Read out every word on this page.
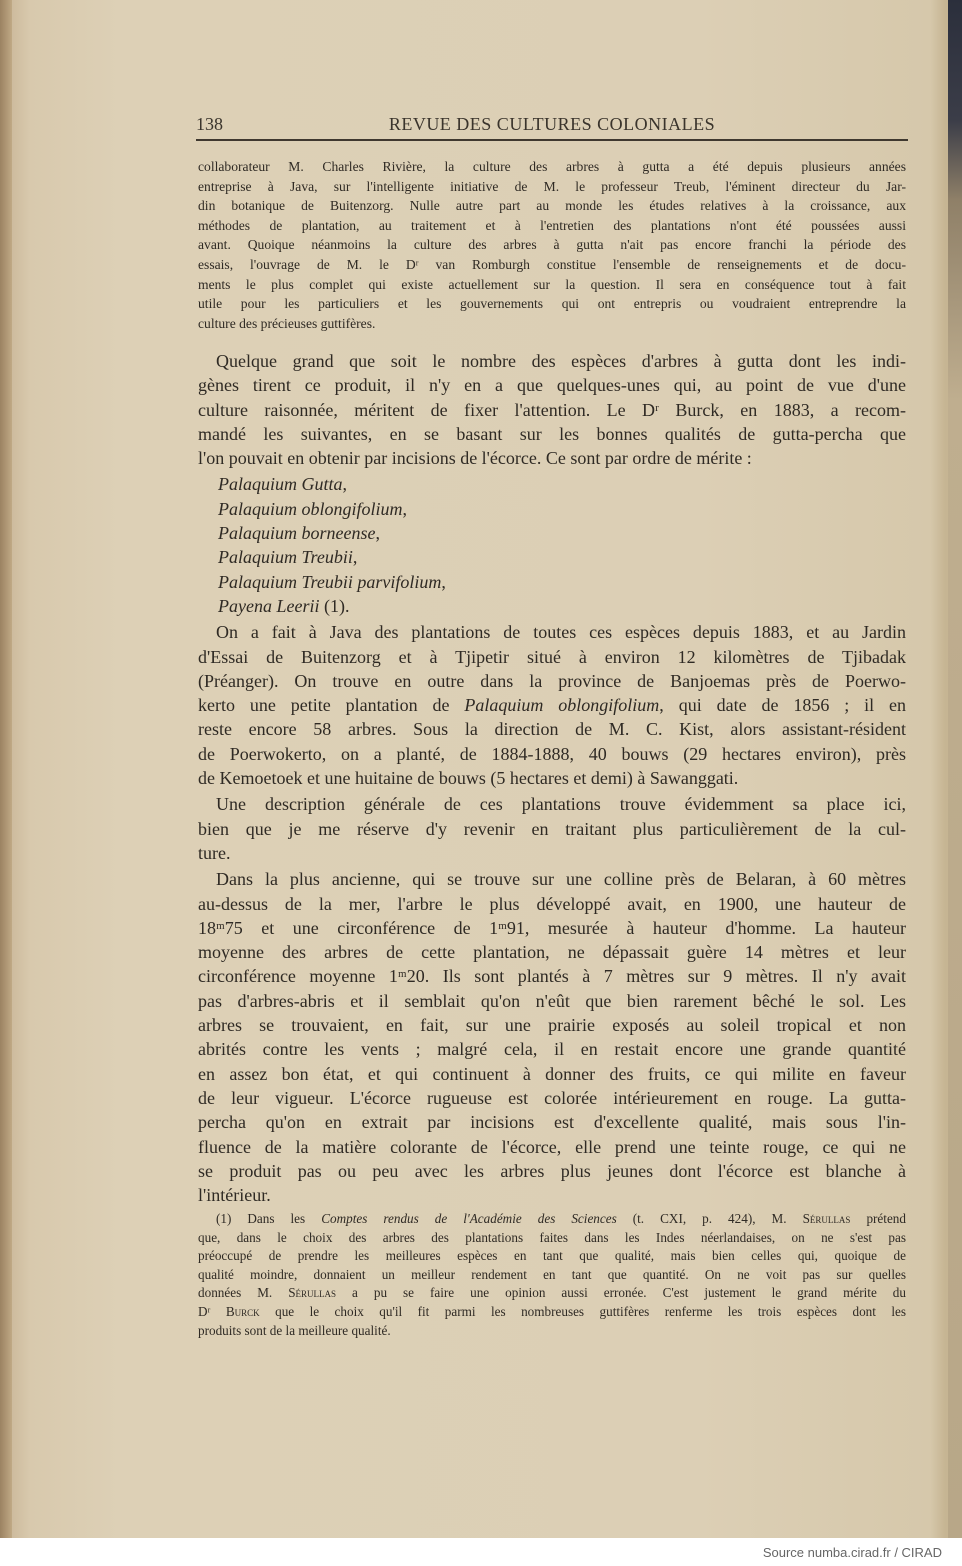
138	REVUE DES CULTURES COLONIALES
collaborateur M. Charles Rivière, la culture des arbres à gutta a été depuis plusieurs années
entreprise à Java, sur l'intelligente initiative de M. le professeur Treub, l'éminent directeur du Jar-
din botanique de Buitenzorg. Nulle autre part au monde les études relatives à la croissance, aux
méthodes de plantation, au traitement et à l'entretien des plantations n'ont été poussées aussi
avant. Quoique néanmoins la culture des arbres à gutta n'ait pas encore franchi la période des
essais, l'ouvrage de M. le Dʳ van Romburgh constitue l'ensemble de renseignements et de docu-
ments le plus complet qui existe actuellement sur la question. Il sera en conséquence tout à fait
utile pour les particuliers et les gouvernements qui ont entrepris ou voudraient entreprendre la
culture des précieuses guttifères.
Quelque grand que soit le nombre des espèces d'arbres à gutta dont les indi-
gènes tirent ce produit, il n'y en a que quelques-unes qui, au point de vue d'une
culture raisonnée, méritent de fixer l'attention. Le Dʳ Burck, en 1883, a recom-
mandé les suivantes, en se basant sur les bonnes qualités de gutta-percha que
l'on pouvait en obtenir par incisions de l'écorce. Ce sont par ordre de mérite :
Palaquium Gutta,
Palaquium oblongifolium,
Palaquium borneense,
Palaquium Treubii,
Palaquium Treubii parvifolium,
Payena Leerii (1).
On a fait à Java des plantations de toutes ces espèces depuis 1883, et au Jardin
d'Essai de Buitenzorg et à Tjipetir situé à environ 12 kilomètres de Tjibadak
(Préanger). On trouve en outre dans la province de Banjoemas près de Poerwo-
kerto une petite plantation de Palaquium oblongifolium, qui date de 1856 ; il en
reste encore 58 arbres. Sous la direction de M. C. Kist, alors assistant-résident
de Poerwokerto, on a planté, de 1884-1888, 40 bouws (29 hectares environ), près
de Kemoetoek et une huitaine de bouws (5 hectares et demi) à Sawanggati.
Une description générale de ces plantations trouve évidemment sa place ici,
bien que je me réserve d'y revenir en traitant plus particulièrement de la cul-
ture.
Dans la plus ancienne, qui se trouve sur une colline près de Belaran, à 60 mètres
au-dessus de la mer, l'arbre le plus développé avait, en 1900, une hauteur de
18ᵐ75 et une circonférence de 1ᵐ91, mesurée à hauteur d'homme. La hauteur
moyenne des arbres de cette plantation, ne dépassait guère 14 mètres et leur
circonférence moyenne 1ᵐ20. Ils sont plantés à 7 mètres sur 9 mètres. Il n'y avait
pas d'arbres-abris et il semblait qu'on n'eût que bien rarement bêché le sol. Les
arbres se trouvaient, en fait, sur une prairie exposés au soleil tropical et non
abrités contre les vents ; malgré cela, il en restait encore une grande quantité
en assez bon état, et qui continuent à donner des fruits, ce qui milite en faveur
de leur vigueur. L'écorce rugueuse est colorée intérieurement en rouge. La gutta-
percha qu'on en extrait par incisions est d'excellente qualité, mais sous l'in-
fluence de la matière colorante de l'écorce, elle prend une teinte rouge, ce qui ne
se produit pas ou peu avec les arbres plus jeunes dont l'écorce est blanche à
l'intérieur.
(1) Dans les Comptes rendus de l'Académie des Sciences (t. CXI, p. 424), M. Sérullas prétend
que, dans le choix des arbres des plantations faites dans les Indes néerlandaises, on ne s'est pas
préoccupé de prendre les meilleures espèces en tant que qualité, mais bien celles qui, quoique de
qualité moindre, donnaient un meilleur rendement en tant que quantité. On ne voit pas sur quelles
données M. Sérullas a pu se faire une opinion aussi erronée. C'est justement le grand mérite du
Dʳ Burck que le choix qu'il fit parmi les nombreuses guttifères renferme les trois espèces dont les
produits sont de la meilleure qualité.
Source numba.cirad.fr / CIRAD
